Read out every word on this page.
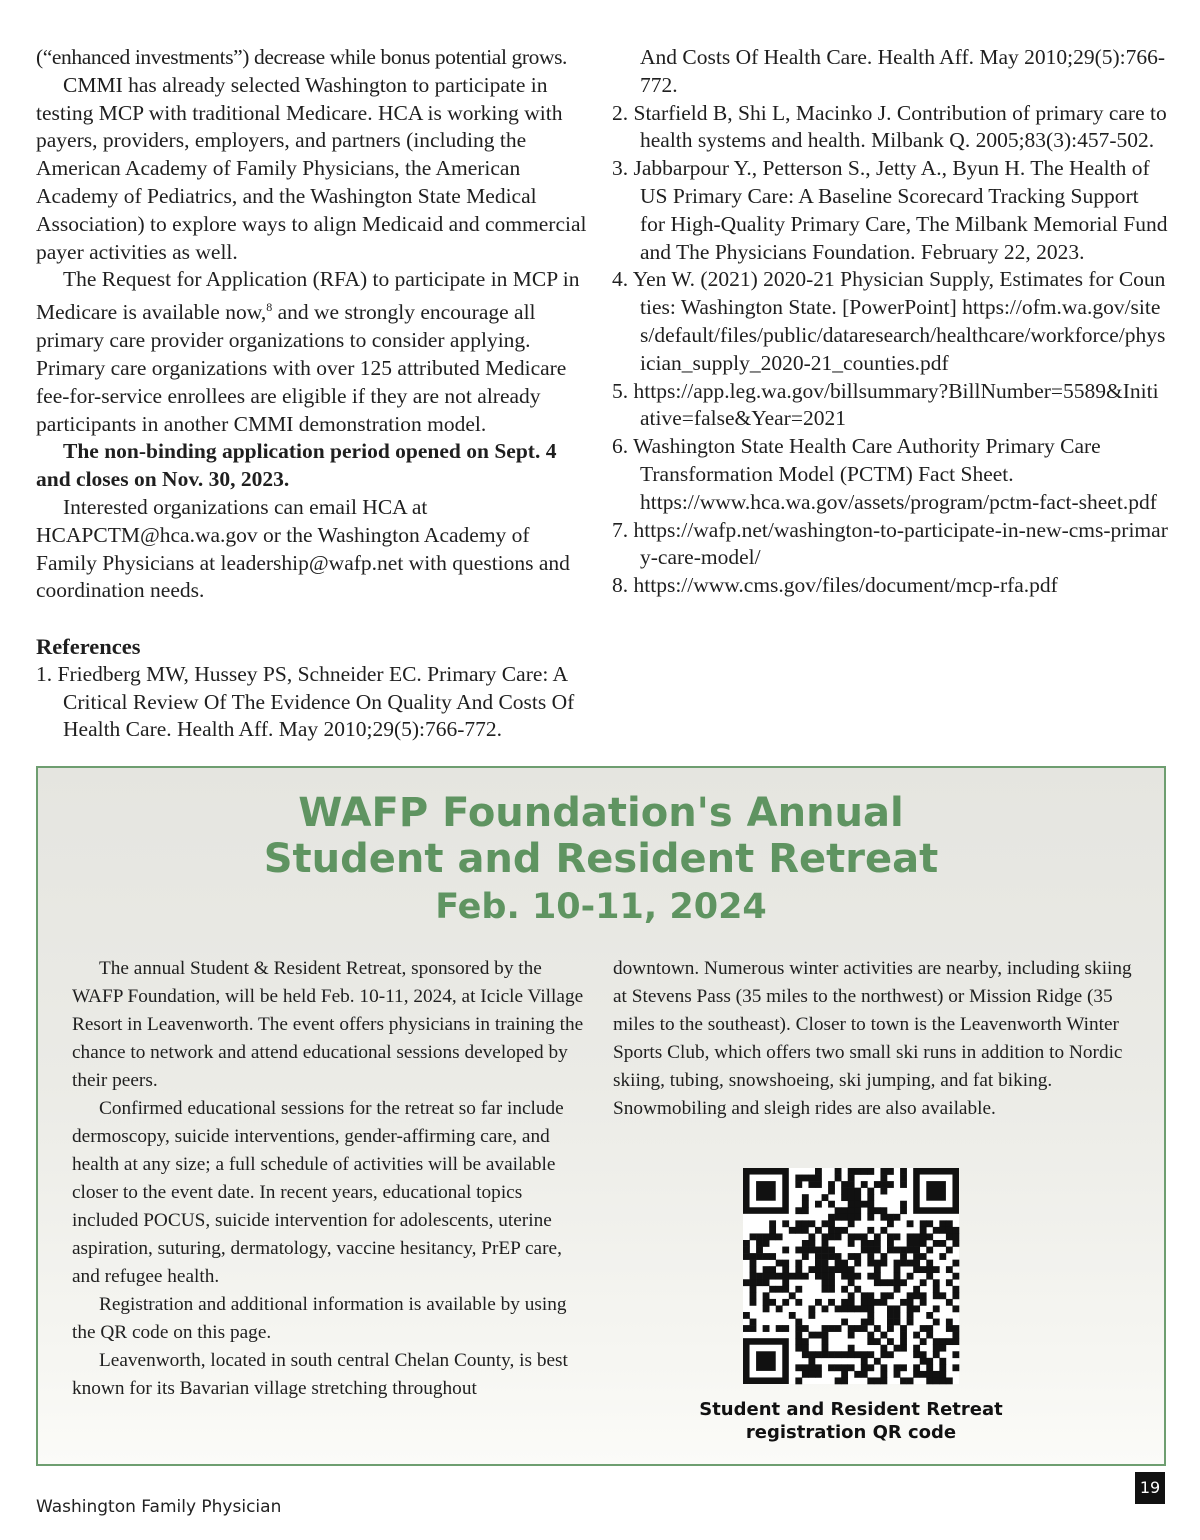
(“enhanced investments”) decrease while bonus potential grows.

CMMI has already selected Washington to participate in testing MCP with traditional Medicare. HCA is working with payers, providers, employers, and partners (including the American Academy of Family Physicians, the American Academy of Pediatrics, and the Washington State Medical Association) to explore ways to align Medicaid and commercial payer activities as well.

The Request for Application (RFA) to participate in MCP in Medicare is available now,$^8$ and we strongly encourage all primary care provider organizations to consider applying. Primary care organizations with over 125 attributed Medicare fee-for-service enrollees are eligible if they are not already participants in another CMMI demonstration model.

The non-binding application period opened on Sept. 4 and closes on Nov. 30, 2023.

Interested organizations can email HCA at HCAPCTM@hca.wa.gov or the Washington Academy of Family Physicians at leadership@wafp.net with questions and coordination needs.

References

1. Friedberg MW, Hussey PS, Schneider EC. Primary Care: A Critical Review Of The Evidence On Quality And Costs Of Health Care. Health Aff. May 2010;29(5):766-772.

And Costs Of Health Care. Health Aff. May 2010;29(5):766-772.

2. Starfield B, Shi L, Macinko J. Contribution of primary care to health systems and health. Milbank Q. 2005;83(3):457-502.

3. Jabbarpour Y., Petterson S., Jetty A., Byun H. The Health of US Primary Care: A Baseline Scorecard Tracking Support for High-Quality Primary Care, The Milbank Memorial Fund and The Physicians Foundation. February 22, 2023.

4. Yen W. (2021) 2020-21 Physician Supply, Estimates for Counties: Washington State. [PowerPoint] https://ofm.wa.gov/sites/default/files/public/dataresearch/healthcare/workforce/physician_supply_2020-21_counties.pdf

5. https://app.leg.wa.gov/billsummary?BillNumber=5589&Initiative=false&Year=2021

6. Washington State Health Care Authority Primary Care Transformation Model (PCTM) Fact Sheet. https://www.hca.wa.gov/assets/program/pctm-fact-sheet.pdf

7. https://wafp.net/washington-to-participate-in-new-cms-primary-care-model/

8. https://www.cms.gov/files/document/mcp-rfa.pdf

WAFP Foundation's Annual
Student and Resident Retreat
Feb. 10-11, 2024

The annual Student & Resident Retreat, sponsored by the WAFP Foundation, will be held Feb. 10-11, 2024, at Icicle Village Resort in Leavenworth. The event offers physicians in training the chance to network and attend educational sessions developed by their peers.

Confirmed educational sessions for the retreat so far include dermoscopy, suicide interventions, gender-affirming care, and health at any size; a full schedule of activities will be available closer to the event date. In recent years, educational topics included POCUS, suicide intervention for adolescents, uterine aspiration, suturing, dermatology, vaccine hesitancy, PrEP care, and refugee health.

Registration and additional information is available by using the QR code on this page.

Leavenworth, located in south central Chelan County, is best known for its Bavarian village stretching throughout

downtown. Numerous winter activities are nearby, including skiing at Stevens Pass (35 miles to the northwest) or Mission Ridge (35 miles to the southeast). Closer to town is the Leavenworth Winter Sports Club, which offers two small ski runs in addition to Nordic skiing, tubing, snowshoeing, ski jumping, and fat biking. Snowmobiling and sleigh rides are also available.

Student and Resident Retreat
registration QR code
Washington Family Physician
19
